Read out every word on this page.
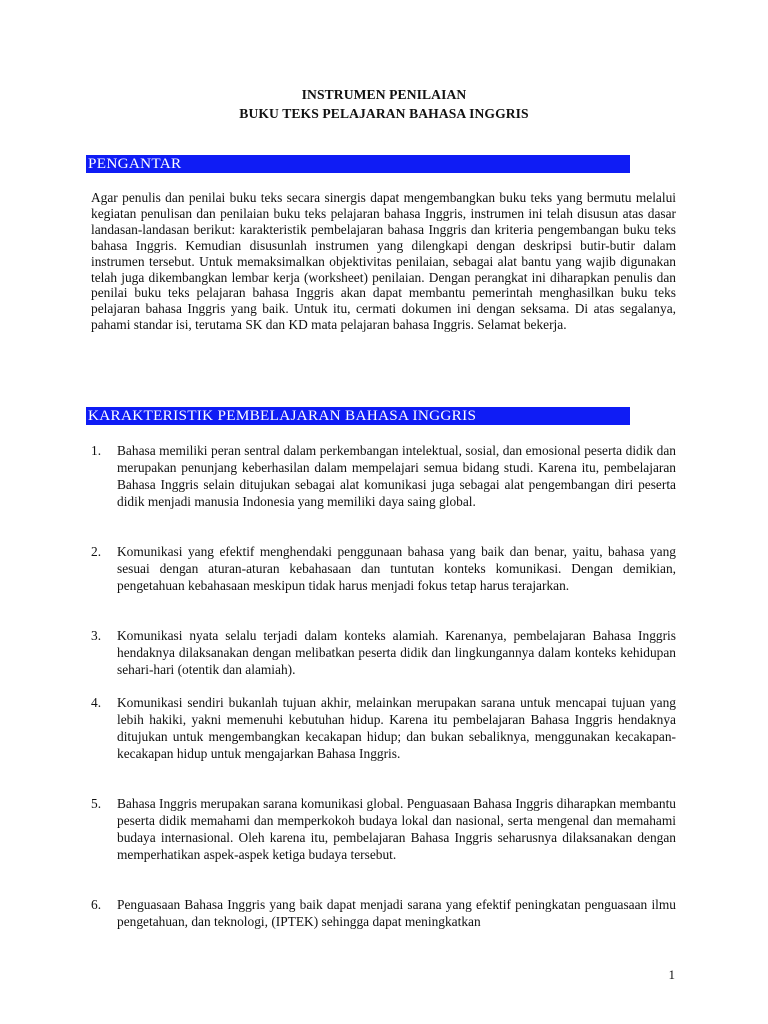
INSTRUMEN PENILAIAN
BUKU TEKS PELAJARAN BAHASA INGGRIS
PENGANTAR

Agar penulis dan penilai buku teks secara sinergis dapat mengembangkan buku teks yang bermutu melalui kegiatan penulisan dan penilaian buku teks pelajaran bahasa Inggris, instrumen ini telah disusun atas dasar landasan-landasan berikut: karakteristik pembelajaran bahasa Inggris dan kriteria pengembangan buku teks bahasa Inggris. Kemudian disusunlah instrumen yang dilengkapi dengan deskripsi butir-butir dalam instrumen tersebut. Untuk memaksimalkan objektivitas penilaian, sebagai alat bantu yang wajib digunakan telah juga dikembangkan lembar kerja (worksheet) penilaian. Dengan perangkat ini diharapkan penulis dan penilai buku teks pelajaran bahasa Inggris akan dapat membantu pemerintah menghasilkan buku teks pelajaran bahasa Inggris yang baik. Untuk itu, cermati dokumen ini dengan seksama. Di atas segalanya, pahami standar isi, terutama SK dan KD mata pelajaran bahasa Inggris. Selamat bekerja.

KARAKTERISTIK PEMBELAJARAN BAHASA INGGRIS
1. Bahasa memiliki peran sentral dalam perkembangan intelektual, sosial, dan emosional peserta didik dan merupakan penunjang keberhasilan dalam mempelajari semua bidang studi. Karena itu, pembelajaran Bahasa Inggris selain ditujukan sebagai alat komunikasi juga sebagai alat pengembangan diri peserta didik menjadi manusia Indonesia yang memiliki daya saing global.

2. Komunikasi yang efektif menghendaki penggunaan bahasa yang baik dan benar, yaitu, bahasa yang sesuai dengan aturan-aturan kebahasaan dan tuntutan konteks komunikasi. Dengan demikian, pengetahuan kebahasaan meskipun tidak harus menjadi fokus tetap harus terajarkan.

3. Komunikasi nyata selalu terjadi dalam konteks alamiah. Karenanya, pembelajaran Bahasa Inggris hendaknya dilaksanakan dengan melibatkan peserta didik dan lingkungannya dalam konteks kehidupan sehari-hari (otentik dan alamiah).

4. Komunikasi sendiri bukanlah tujuan akhir, melainkan merupakan sarana untuk mencapai tujuan yang lebih hakiki, yakni memenuhi kebutuhan hidup. Karena itu pembelajaran Bahasa Inggris hendaknya ditujukan untuk mengembangkan kecakapan hidup; dan bukan sebaliknya, menggunakan kecakapan-kecakapan hidup untuk mengajarkan Bahasa Inggris.

5. Bahasa Inggris merupakan sarana komunikasi global. Penguasaan Bahasa Inggris diharapkan membantu peserta didik memahami dan memperkokoh budaya lokal dan nasional, serta mengenal dan memahami budaya internasional. Oleh karena itu, pembelajaran Bahasa Inggris seharusnya dilaksanakan dengan memperhatikan aspek-aspek ketiga budaya tersebut.

6. Penguasaan Bahasa Inggris yang baik dapat menjadi sarana yang efektif peningkatan penguasaan ilmu pengetahuan, dan teknologi, (IPTEK) sehingga dapat meningkatkan

1
